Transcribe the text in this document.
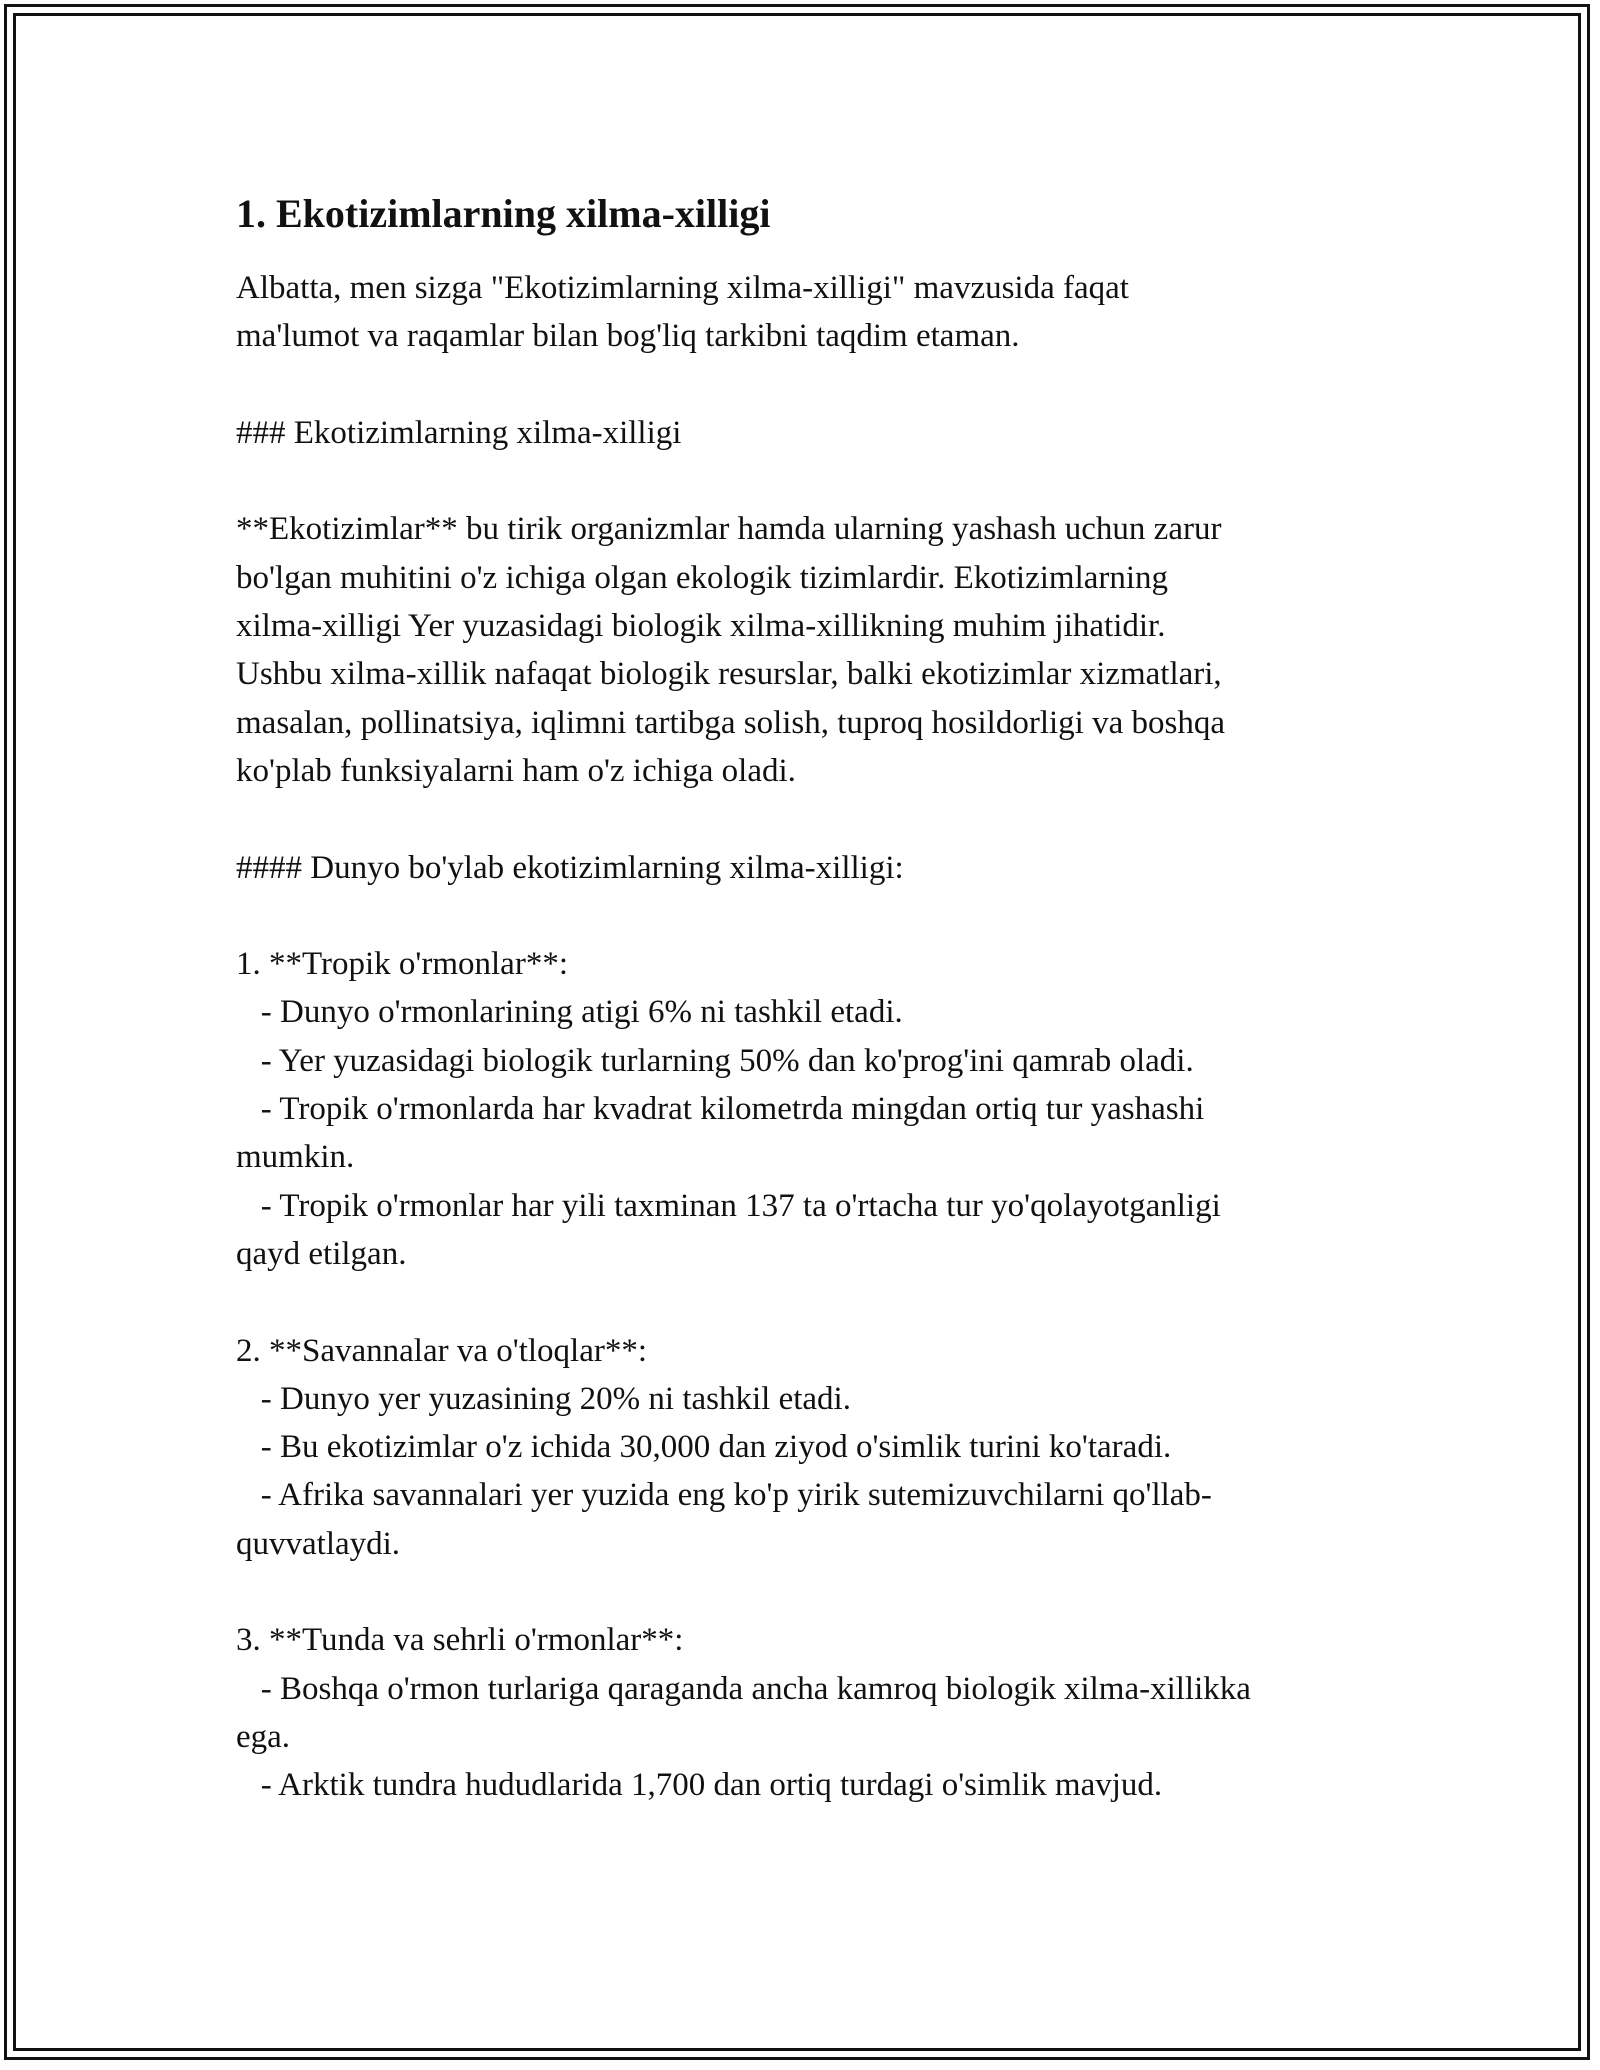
1. Ekotizimlarning xilma-xilligi
Albatta, men sizga "Ekotizimlarning xilma-xilligi" mavzusida faqat
ma'lumot va raqamlar bilan bog'liq tarkibni taqdim etaman.
### Ekotizimlarning xilma-xilligi
**Ekotizimlar** bu tirik organizmlar hamda ularning yashash uchun zarur
bo'lgan muhitini o'z ichiga olgan ekologik tizimlardir. Ekotizimlarning
xilma-xilligi Yer yuzasidagi biologik xilma-xillikning muhim jihatidir.
Ushbu xilma-xillik nafaqat biologik resurslar, balki ekotizimlar xizmatlari,
masalan, pollinatsiya, iqlimni tartibga solish, tuproq hosildorligi va boshqa
ko'plab funksiyalarni ham o'z ichiga oladi.
#### Dunyo bo'ylab ekotizimlarning xilma-xilligi:
1. **Tropik o'rmonlar**:
- Dunyo o'rmonlarining atigi 6% ni tashkil etadi.
- Yer yuzasidagi biologik turlarning 50% dan ko'prog'ini qamrab oladi.
- Tropik o'rmonlarda har kvadrat kilometrda mingdan ortiq tur yashashi
mumkin.
- Tropik o'rmonlar har yili taxminan 137 ta o'rtacha tur yo'qolayotganligi
qayd etilgan.
2. **Savannalar va o'tloqlar**:
- Dunyo yer yuzasining 20% ni tashkil etadi.
- Bu ekotizimlar o'z ichida 30,000 dan ziyod o'simlik turini ko'taradi.
- Afrika savannalari yer yuzida eng ko'p yirik sutemizuvchilarni qo'llab-
quvvatlaydi.
3. **Tunda va sehrli o'rmonlar**:
- Boshqa o'rmon turlariga qaraganda ancha kamroq biologik xilma-xillikka
ega.
- Arktik tundra hududlarida 1,700 dan ortiq turdagi o'simlik mavjud.
